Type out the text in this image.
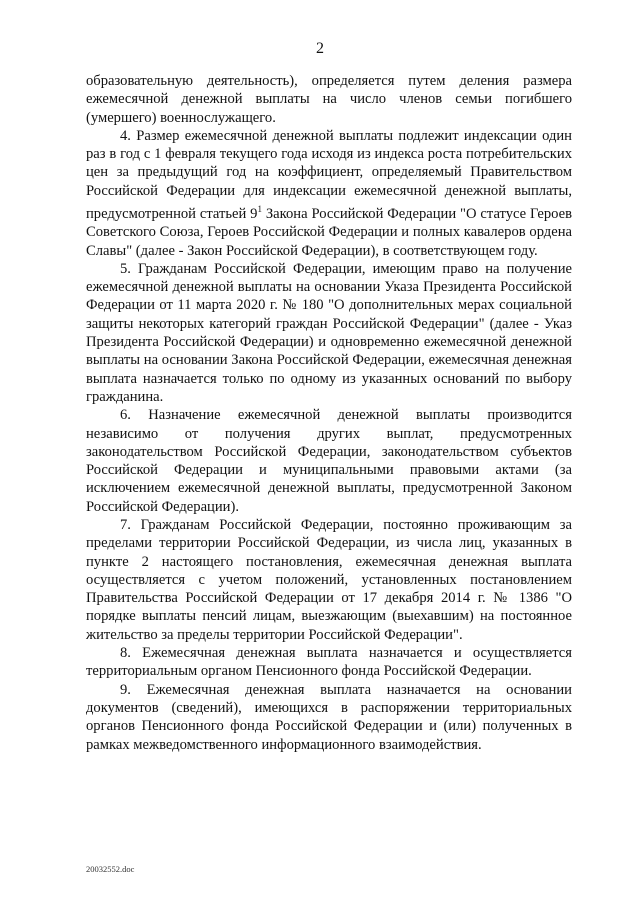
2

образовательную деятельность), определяется путем деления размера ежемесячной денежной выплаты на число членов семьи погибшего (умершего) военнослужащего.

4. Размер ежемесячной денежной выплаты подлежит индексации один раз в год с 1 февраля текущего года исходя из индекса роста потребительских цен за предыдущий год на коэффициент, определяемый Правительством Российской Федерации для индексации ежемесячной денежной выплаты, предусмотренной статьей $9^1$ Закона Российской Федерации "О статусе Героев Советского Союза, Героев Российской Федерации и полных кавалеров ордена Славы" (далее - Закон Российской Федерации), в соответствующем году.

5. Гражданам Российской Федерации, имеющим право на получение ежемесячной денежной выплаты на основании Указа Президента Российской Федерации от 11 марта 2020 г. № 180 "О дополнительных мерах социальной защиты некоторых категорий граждан Российской Федерации" (далее - Указ Президента Российской Федерации) и одновременно ежемесячной денежной выплаты на основании Закона Российской Федерации, ежемесячная денежная выплата назначается только по одному из указанных оснований по выбору гражданина.

6. Назначение ежемесячной денежной выплаты производится независимо от получения других выплат, предусмотренных законодательством Российской Федерации, законодательством субъектов Российской Федерации и муниципальными правовыми актами (за исключением ежемесячной денежной выплаты, предусмотренной Законом Российской Федерации).

7. Гражданам Российской Федерации, постоянно проживающим за пределами территории Российской Федерации, из числа лиц, указанных в пункте 2 настоящего постановления, ежемесячная денежная выплата осуществляется с учетом положений, установленных постановлением Правительства Российской Федерации от 17 декабря 2014 г. № 1386 "О порядке выплаты пенсий лицам, выезжающим (выехавшим) на постоянное жительство за пределы территории Российской Федерации".

8. Ежемесячная денежная выплата назначается и осуществляется территориальным органом Пенсионного фонда Российской Федерации.

9. Ежемесячная денежная выплата назначается на основании документов (сведений), имеющихся в распоряжении территориальных органов Пенсионного фонда Российской Федерации и (или) полученных в рамках межведомственного информационного взаимодействия.

20032552.doc
